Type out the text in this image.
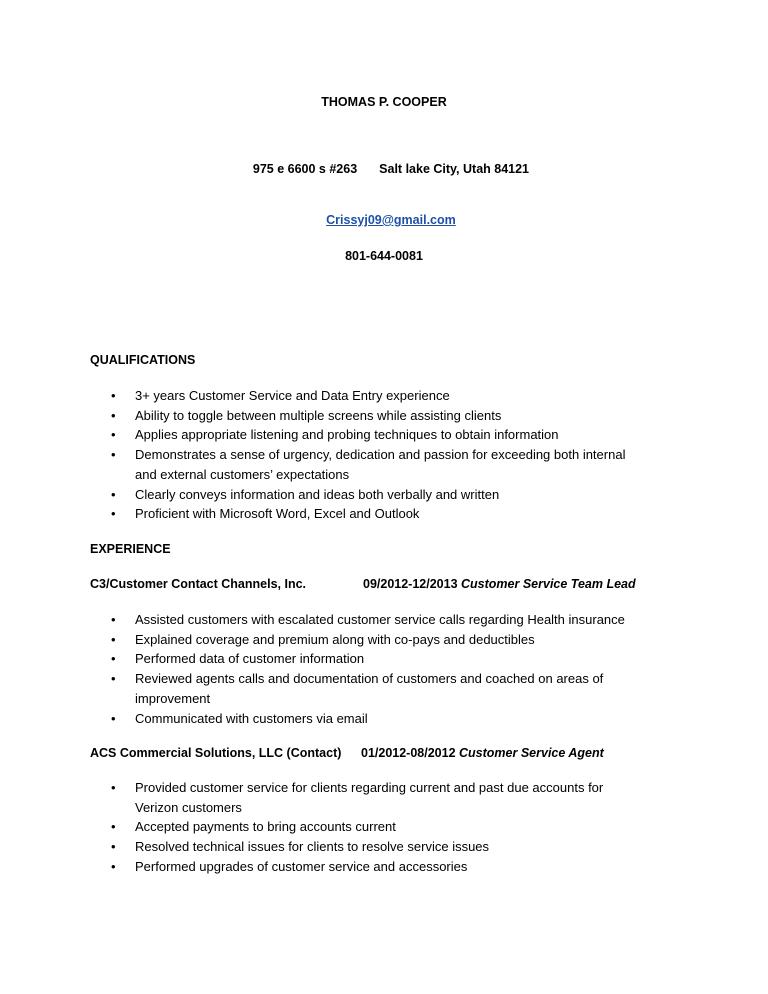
THOMAS P. COOPER

975 e 6600 s #263 Salt lake City, Utah 84121

Crissyj09@gmail.com

801-644-0081
QUALIFICATIONS
• 3+ years Customer Service and Data Entry experience
• Ability to toggle between multiple screens while assisting clients
• Applies appropriate listening and probing techniques to obtain information
• Demonstrates a sense of urgency, dedication and passion for exceeding both internal
and external customers’ expectations
• Clearly conveys information and ideas both verbally and written
• Proficient with Microsoft Word, Excel and Outlook
EXPERIENCE
C3/Customer Contact Channels, Inc.	09/2012-12/2013 Customer Service Team Lead
• Assisted customers with escalated customer service calls regarding Health insurance
• Explained coverage and premium along with co-pays and deductibles
• Performed data of customer information
• Reviewed agents calls and documentation of customers and coached on areas of
improvement
• Communicated with customers via email
ACS Commercial Solutions, LLC (Contact) 01/2012-08/2012 Customer Service Agent
• Provided customer service for clients regarding current and past due accounts for
Verizon customers
• Accepted payments to bring accounts current
• Resolved technical issues for clients to resolve service issues
• Performed upgrades of customer service and accessories
